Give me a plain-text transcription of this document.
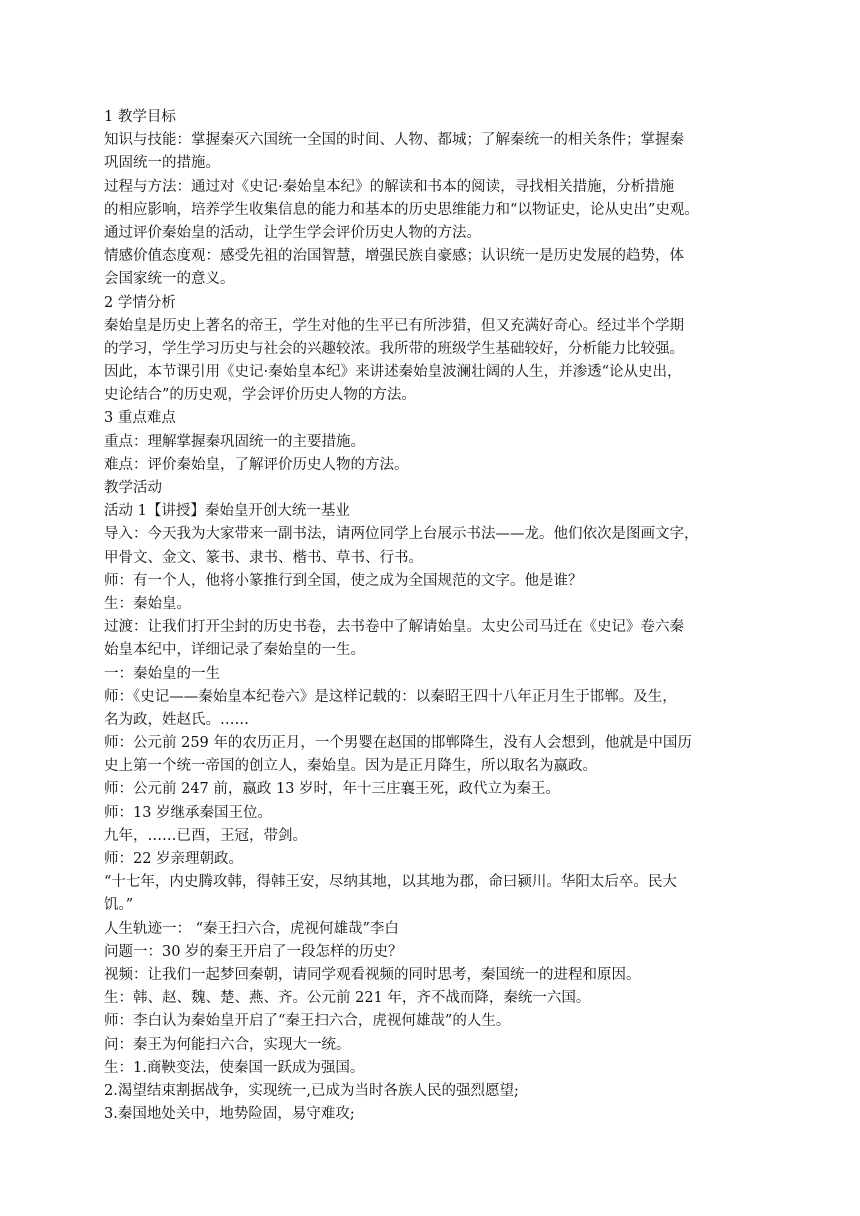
1 教学目标
知识与技能：掌握秦灭六国统一全国的时间、人物、都城；了解秦统一的相关条件；掌握秦
巩固统一的措施。
过程与方法：通过对《史记·秦始皇本纪》的解读和书本的阅读，寻找相关措施，分析措施
的相应影响，培养学生收集信息的能力和基本的历史思维能力和“以物证史，论从史出”史观。
通过评价秦始皇的活动，让学生学会评价历史人物的方法。
情感价值态度观：感受先祖的治国智慧，增强民族自豪感；认识统一是历史发展的趋势，体
会国家统一的意义。
2 学情分析
秦始皇是历史上著名的帝王，学生对他的生平已有所涉猎，但又充满好奇心。经过半个学期
的学习，学生学习历史与社会的兴趣较浓。我所带的班级学生基础较好，分析能力比较强。
因此，本节课引用《史记·秦始皇本纪》来讲述秦始皇波澜壮阔的人生，并渗透“论从史出，
史论结合”的历史观，学会评价历史人物的方法。
3 重点难点
重点：理解掌握秦巩固统一的主要措施。
难点：评价秦始皇，了解评价历史人物的方法。
教学活动
活动 1【讲授】秦始皇开创大统一基业
导入：今天我为大家带来一副书法，请两位同学上台展示书法——龙。他们依次是图画文字，
甲骨文、金文、篆书、隶书、楷书、草书、行书。
师：有一个人，他将小篆推行到全国，使之成为全国规范的文字。他是谁？
生：秦始皇。
过渡：让我们打开尘封的历史书卷，去书卷中了解请始皇。太史公司马迁在《史记》卷六秦
始皇本纪中，详细记录了秦始皇的一生。
一：秦始皇的一生
师：《史记——秦始皇本纪卷六》是这样记载的：以秦昭王四十八年正月生于邯郸。及生，
名为政，姓赵氏。……
师：公元前 259 年的农历正月，一个男婴在赵国的邯郸降生，没有人会想到，他就是中国历
史上第一个统一帝国的创立人，秦始皇。因为是正月降生，所以取名为嬴政。
师：公元前 247 前，嬴政 13 岁时，年十三庄襄王死，政代立为秦王。
师：13 岁继承秦国王位。
九年，……已酉，王冠，带剑。
师：22 岁亲理朝政。
“十七年，内史腾攻韩，得韩王安，尽纳其地，以其地为郡，命曰颍川。华阳太后卒。民大
饥。”
人生轨迹一： “秦王扫六合，虎视何雄哉”李白
问题一：30 岁的秦王开启了一段怎样的历史？
视频：让我们一起梦回秦朝，请同学观看视频的同时思考，秦国统一的进程和原因。
生：韩、赵、魏、楚、燕、齐。公元前 221 年，齐不战而降，秦统一六国。
师：李白认为秦始皇开启了“秦王扫六合，虎视何雄哉”的人生。
问：秦王为何能扫六合，实现大一统。
生：1.商鞅变法，使秦国一跃成为强国。
2.渴望结束割据战争，实现统一,已成为当时各族人民的强烈愿望;
3.秦国地处关中，地势险固，易守难攻;
